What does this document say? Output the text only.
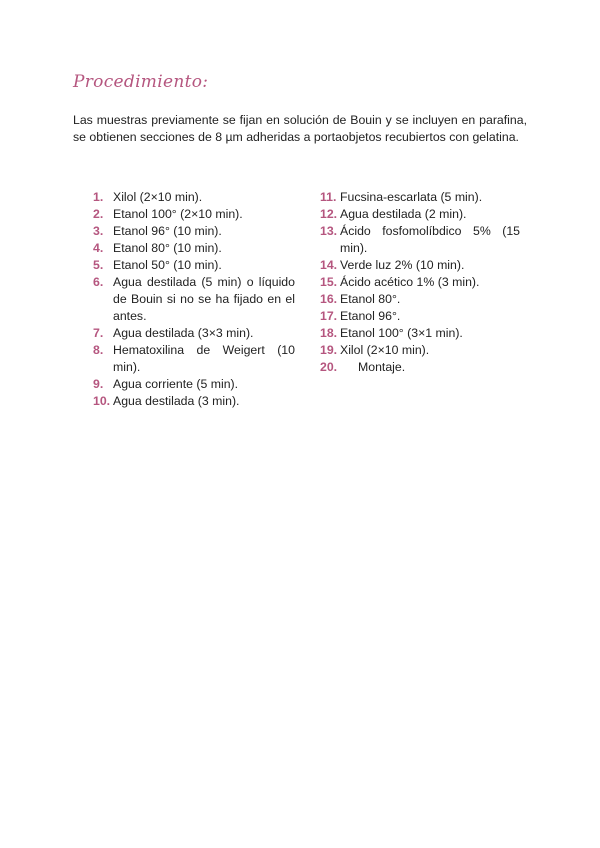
Procedimiento:

Las muestras previamente se fijan en solución de Bouin y se incluyen en parafina, se obtienen secciones de 8 µm adheridas a portaobjetos recubiertos con gelatina.

1. Xilol (2×10 min).
2. Etanol 100° (2×10 min).
3. Etanol 96° (10 min).
4. Etanol 80° (10 min).
5. Etanol 50° (10 min).
6. Agua destilada (5 min) o líquido de Bouin si no se ha fijado en el antes.
7. Agua destilada (3×3 min).
8. Hematoxilina de Weigert (10 min).
9. Agua corriente (5 min).
10. Agua destilada (3 min).
11. Fucsina-escarlata (5 min).
12. Agua destilada (2 min).
13. Ácido fosfomolíbdico 5% (15 min).
14. Verde luz 2% (10 min).
15. Ácido acético 1% (3 min).
16. Etanol 80°.
17. Etanol 96°.
18. Etanol 100° (3×1 min).
19. Xilol (2×10 min).
20.	Montaje.
